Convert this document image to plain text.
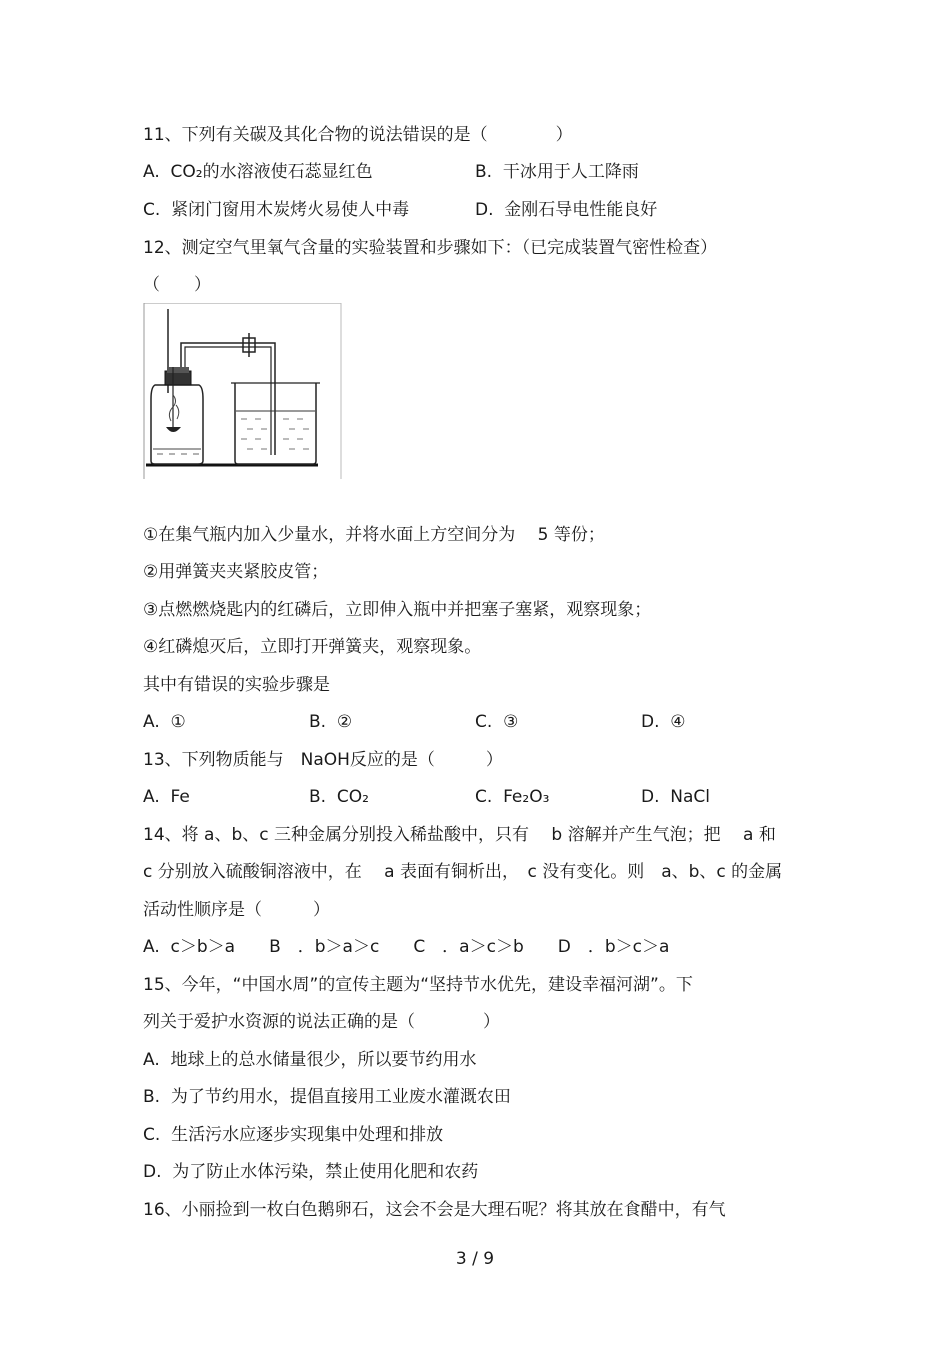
11、下列有关碳及其化合物的说法错误的是（　　　　）
A.  CO₂的水溶液使石蕊显红色	B.  干冰用于人工降雨
C.  紧闭门窗用木炭烤火易使人中毒	D.  金刚石导电性能良好
12、测定空气里氧气含量的实验装置和步骤如下：（已完成装置气密性检查）
（　　）
①在集气瓶内加入少量水，并将水面上方空间分为　 5 等份；
②用弹簧夹夹紧胶皮管；
③点燃燃烧匙内的红磷后，立即伸入瓶中并把塞子塞紧，观察现象；
④红磷熄灭后，立即打开弹簧夹，观察现象。
其中有错误的实验步骤是
A.  ①	B.  ②	C.  ③	D.  ④
13、下列物质能与　NaOH反应的是（　　　）
A.  Fe	B.  CO₂	C.  Fe₂O₃	D.  NaCl
14、将 a、b、c 三种金属分别投入稀盐酸中，只有　 b 溶解并产生气泡；把　 a 和
c 分别放入硫酸铜溶液中，在　 a 表面有铜析出，　c 没有变化。则　a、b、c 的金属
活动性顺序是（　　　）
A.  c＞b＞a　　B　．b＞a＞c　　C　．a＞c＞b　　D　．b＞c＞a
15、今年，“中国水周”的宣传主题为“坚持节水优先，建设幸福河湖”。下
列关于爱护水资源的说法正确的是（　　　　）
A.  地球上的总水储量很少，所以要节约用水
B.  为了节约用水，提倡直接用工业废水灌溉农田
C.  生活污水应逐步实现集中处理和排放
D.  为了防止水体污染，禁止使用化肥和农药
16、小丽捡到一枚白色鹅卵石，这会不会是大理石呢？将其放在食醋中，有气
3 / 9
